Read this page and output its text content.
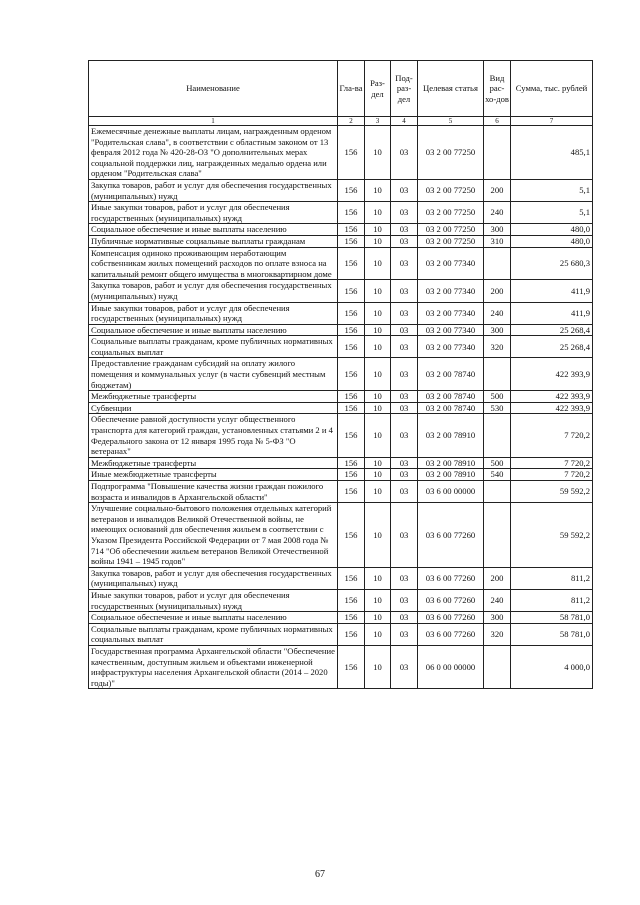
Наименование	Гла-ва	Раз-дел	Под-раз-дел	Целевая статья	Вид рас-хо-дов	Сумма, тыс. рублей
1	2	3	4	5	6	7
Ежемесячные денежные выплаты лицам, награжденным орденом "Родительская слава", в соответствии с областным законом от 13 февраля 2012 года № 420-28-ОЗ "О дополнительных мерах социальной поддержки лиц, награжденных медалью ордена или орденом "Родительская слава"	156	10	03	03 2 00 77250		485,1
Закупка товаров, работ и услуг для обеспечения государственных (муниципальных) нужд	156	10	03	03 2 00 77250	200	5,1
Иные закупки товаров, работ и услуг для обеспечения государственных (муниципальных) нужд	156	10	03	03 2 00 77250	240	5,1
Социальное обеспечение и иные выплаты населению	156	10	03	03 2 00 77250	300	480,0
Публичные нормативные социальные выплаты гражданам	156	10	03	03 2 00 77250	310	480,0
Компенсация одиноко проживающим неработающим собственникам жилых помещений расходов по оплате взноса на капитальный ремонт общего имущества в многоквартирном доме	156	10	03	03 2 00 77340		25 680,3
Закупка товаров, работ и услуг для обеспечения государственных (муниципальных) нужд	156	10	03	03 2 00 77340	200	411,9
Иные закупки товаров, работ и услуг для обеспечения государственных (муниципальных) нужд	156	10	03	03 2 00 77340	240	411,9
Социальное обеспечение и иные выплаты населению	156	10	03	03 2 00 77340	300	25 268,4
Социальные выплаты гражданам, кроме публичных нормативных социальных выплат	156	10	03	03 2 00 77340	320	25 268,4
Предоставление гражданам субсидий на оплату жилого помещения и коммунальных услуг (в части субвенций местным бюджетам)	156	10	03	03 2 00 78740		422 393,9
Межбюджетные трансферты	156	10	03	03 2 00 78740	500	422 393,9
Субвенции	156	10	03	03 2 00 78740	530	422 393,9
Обеспечение равной доступности услуг общественного транспорта для категорий граждан, установленных статьями 2 и 4 Федерального закона от 12 января 1995 года № 5-ФЗ "О ветеранах"	156	10	03	03 2 00 78910		7 720,2
Межбюджетные трансферты	156	10	03	03 2 00 78910	500	7 720,2
Иные межбюджетные трансферты	156	10	03	03 2 00 78910	540	7 720,2
Подпрограмма "Повышение качества жизни граждан пожилого возраста и инвалидов в Архангельской области"	156	10	03	03 6 00 00000		59 592,2
Улучшение социально-бытового положения отдельных категорий ветеранов и инвалидов Великой Отечественной войны, не имеющих оснований для обеспечения жильем в соответствии с Указом Президента Российской Федерации от 7 мая 2008 года № 714 "Об обеспечении жильем ветеранов Великой Отечественной войны 1941 – 1945 годов"	156	10	03	03 6 00 77260		59 592,2
Закупка товаров, работ и услуг для обеспечения государственных (муниципальных) нужд	156	10	03	03 6 00 77260	200	811,2
Иные закупки товаров, работ и услуг для обеспечения государственных (муниципальных) нужд	156	10	03	03 6 00 77260	240	811,2
Социальное обеспечение и иные выплаты населению	156	10	03	03 6 00 77260	300	58 781,0
Социальные выплаты гражданам, кроме публичных нормативных социальных выплат	156	10	03	03 6 00 77260	320	58 781,0
Государственная программа Архангельской области "Обеспечение качественным, доступным жильем и объектами инженерной инфраструктуры населения Архангельской области (2014 – 2020 годы)"	156	10	03	06 0 00 00000		4 000,0
67
